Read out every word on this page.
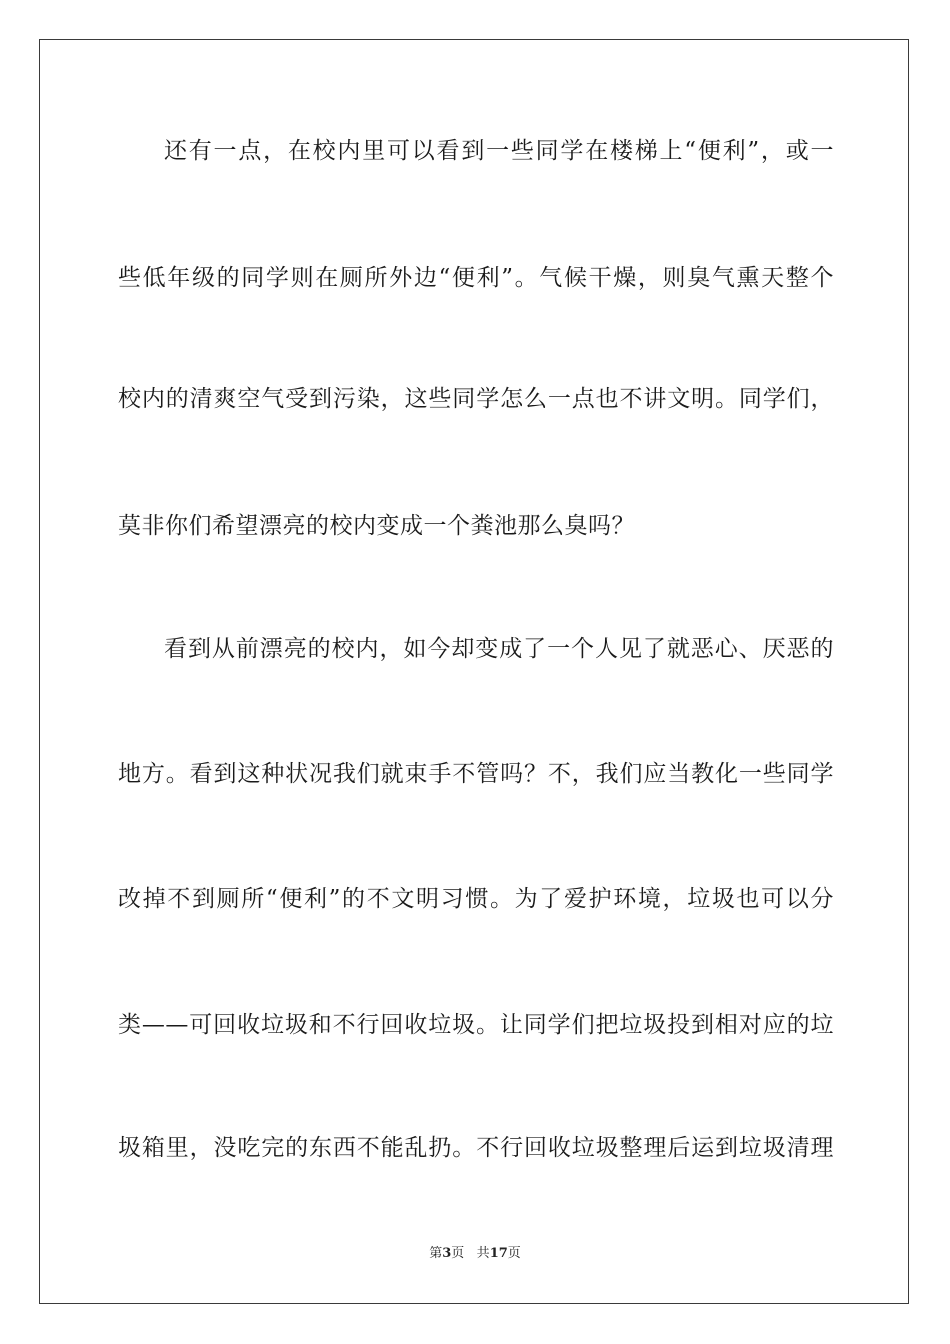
还有一点，在校内里可以看到一些同学在楼梯上“便利”，或一
些低年级的同学则在厕所外边“便利”。气候干燥，则臭气熏天整个
校内的清爽空气受到污染，这些同学怎么一点也不讲文明。同学们，
莫非你们希望漂亮的校内变成一个粪池那么臭吗？
看到从前漂亮的校内，如今却变成了一个人见了就恶心、厌恶的
地方。看到这种状况我们就束手不管吗？不，我们应当教化一些同学
改掉不到厕所“便利”的不文明习惯。为了爱护环境，垃圾也可以分
类——可回收垃圾和不行回收垃圾。让同学们把垃圾投到相对应的垃
圾箱里，没吃完的东西不能乱扔。不行回收垃圾整理后运到垃圾清理
第3页 共17页
